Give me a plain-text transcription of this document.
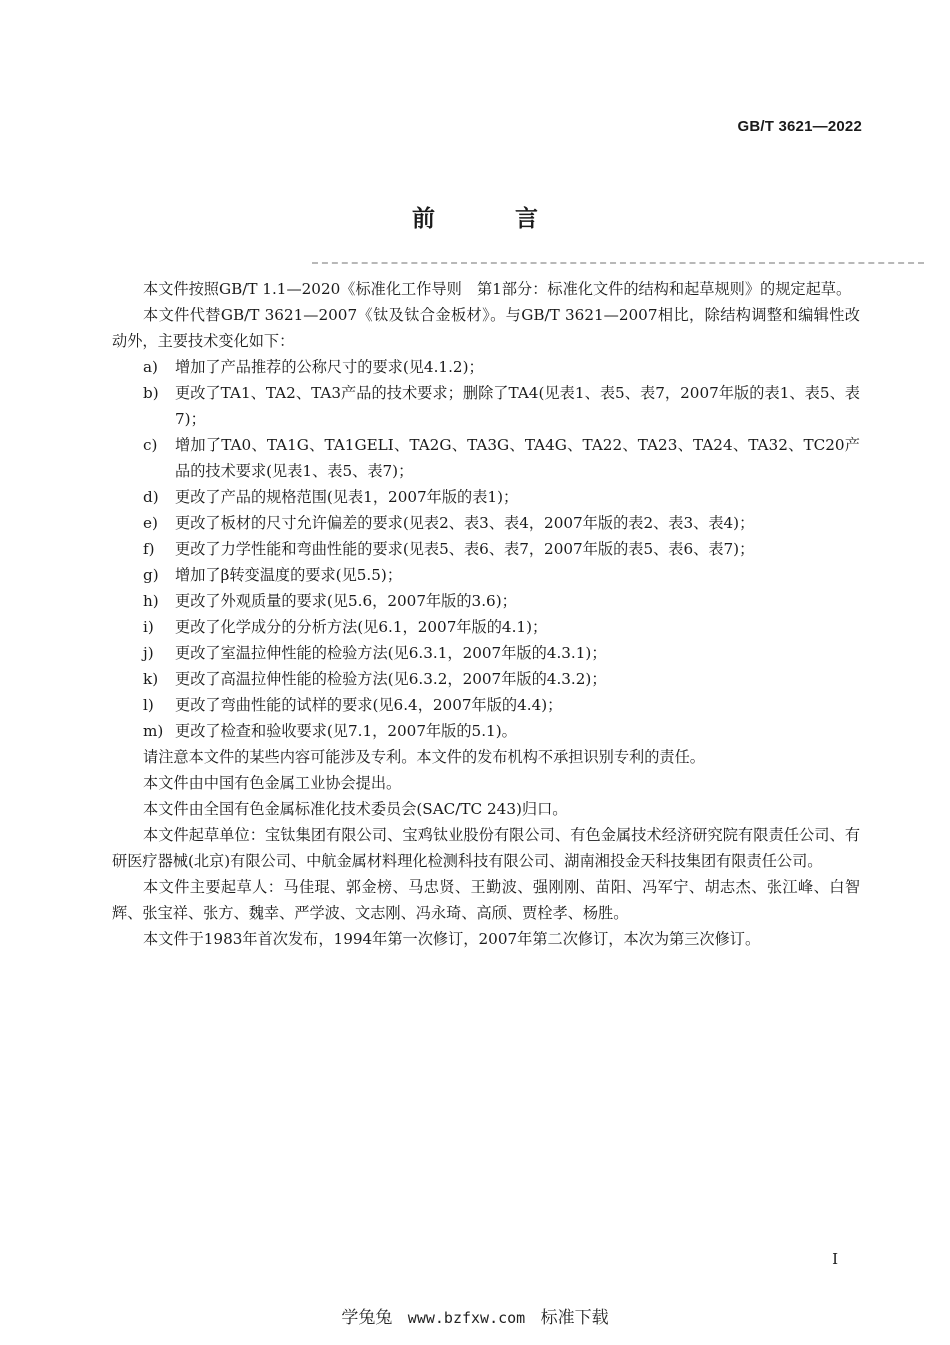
GB/T 3621—2022
前 言

本文件按照GB/T 1.1—2020《标准化工作导则　第1部分：标准化文件的结构和起草规则》的规定起草。

本文件代替GB/T 3621—2007《钛及钛合金板材》。与GB/T 3621—2007相比，除结构调整和编辑性改动外，主要技术变化如下：

a)	增加了产品推荐的公称尺寸的要求(见4.1.2)；
b)	更改了TA1、TA2、TA3产品的技术要求；删除了TA4(见表1、表5、表7，2007年版的表1、表5、表7)；
c)	增加了TA0、TA1G、TA1GELI、TA2G、TA3G、TA4G、TA22、TA23、TA24、TA32、TC20产品的技术要求(见表1、表5、表7)；
d)	更改了产品的规格范围(见表1，2007年版的表1)；
e)	更改了板材的尺寸允许偏差的要求(见表2、表3、表4，2007年版的表2、表3、表4)；
f)	更改了力学性能和弯曲性能的要求(见表5、表6、表7，2007年版的表5、表6、表7)；
g)	增加了β转变温度的要求(见5.5)；
h)	更改了外观质量的要求(见5.6，2007年版的3.6)；
i)	更改了化学成分的分析方法(见6.1，2007年版的4.1)；
j)	更改了室温拉伸性能的检验方法(见6.3.1，2007年版的4.3.1)；
k)	更改了高温拉伸性能的检验方法(见6.3.2，2007年版的4.3.2)；
l)	更改了弯曲性能的试样的要求(见6.4，2007年版的4.4)；
m) 更改了检查和验收要求(见7.1，2007年版的5.1)。

请注意本文件的某些内容可能涉及专利。本文件的发布机构不承担识别专利的责任。

本文件由中国有色金属工业协会提出。

本文件由全国有色金属标准化技术委员会(SAC/TC 243)归口。

本文件起草单位：宝钛集团有限公司、宝鸡钛业股份有限公司、有色金属技术经济研究院有限责任公司、有研医疗器械(北京)有限公司、中航金属材料理化检测科技有限公司、湖南湘投金天科技集团有限责任公司。

本文件主要起草人：马佳琨、郭金榜、马忠贤、王勤波、强刚刚、苗阳、冯军宁、胡志杰、张江峰、白智辉、张宝祥、张方、魏幸、严学波、文志刚、冯永琦、高颀、贾栓孝、杨胜。

本文件于1983年首次发布，1994年第一次修订，2007年第二次修订，本次为第三次修订。

I
学兔兔 www.bzfxw.com 标准下载
